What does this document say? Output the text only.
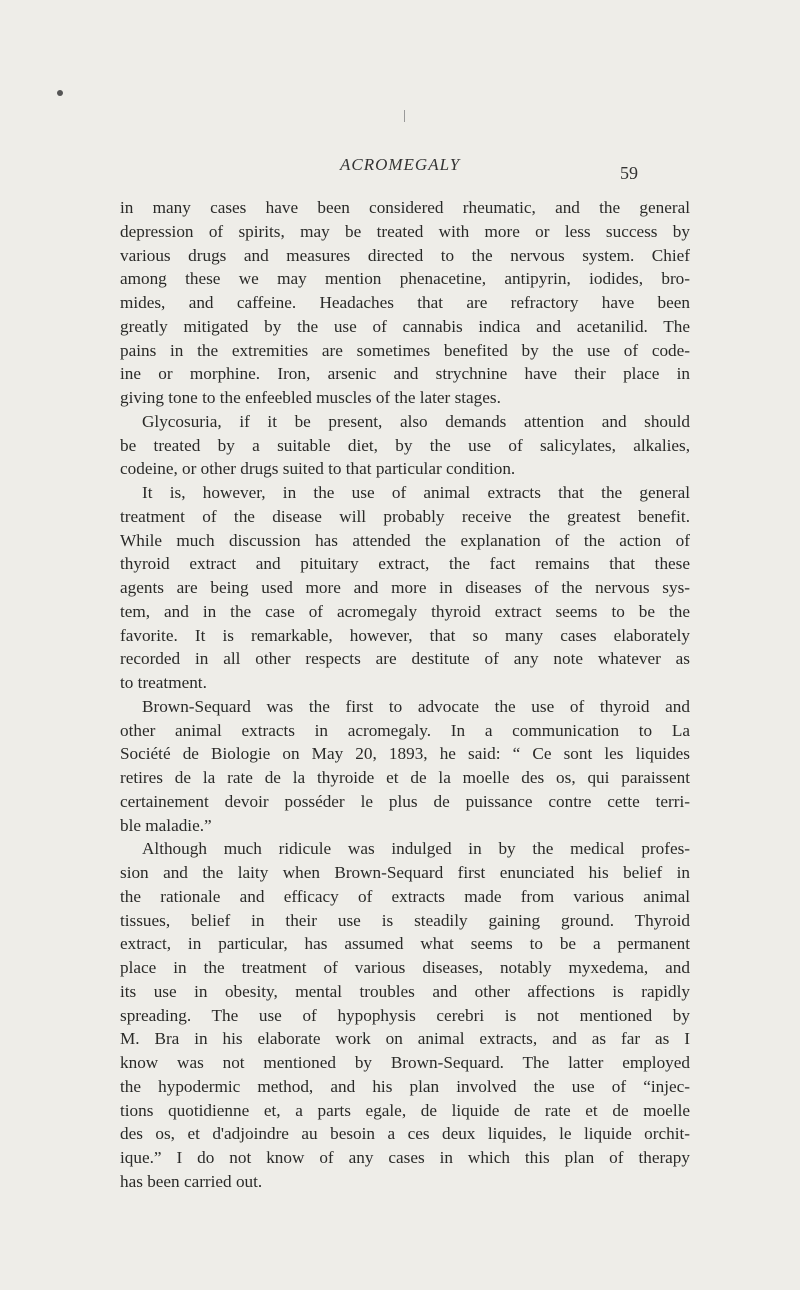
ACROMEGALY	59
in many cases have been considered rheumatic, and the general
depression of spirits, may be treated with more or less success by
various drugs and measures directed to the nervous system. Chief
among these we may mention phenacetine, antipyrin, iodides, bro-
mides, and caffeine. Headaches that are refractory have been
greatly mitigated by the use of cannabis indica and acetanilid. The
pains in the extremities are sometimes benefited by the use of code-
ine or morphine. Iron, arsenic and strychnine have their place in
giving tone to the enfeebled muscles of the later stages.
Glycosuria, if it be present, also demands attention and should
be treated by a suitable diet, by the use of salicylates, alkalies,
codeine, or other drugs suited to that particular condition.
It is, however, in the use of animal extracts that the general
treatment of the disease will probably receive the greatest benefit.
While much discussion has attended the explanation of the action of
thyroid extract and pituitary extract, the fact remains that these
agents are being used more and more in diseases of the nervous sys-
tem, and in the case of acromegaly thyroid extract seems to be the
favorite. It is remarkable, however, that so many cases elaborately
recorded in all other respects are destitute of any note whatever as
to treatment.
Brown-Sequard was the first to advocate the use of thyroid and
other animal extracts in acromegaly. In a communication to La
Société de Biologie on May 20, 1893, he said: “ Ce sont les liquides
retires de la rate de la thyroide et de la moelle des os, qui paraissent
certainement devoir posséder le plus de puissance contre cette terri-
ble maladie.”
Although much ridicule was indulged in by the medical profes-
sion and the laity when Brown-Sequard first enunciated his belief in
the rationale and efficacy of extracts made from various animal
tissues, belief in their use is steadily gaining ground. Thyroid
extract, in particular, has assumed what seems to be a permanent
place in the treatment of various diseases, notably myxedema, and
its use in obesity, mental troubles and other affections is rapidly
spreading. The use of hypophysis cerebri is not mentioned by
M. Bra in his elaborate work on animal extracts, and as far as I
know was not mentioned by Brown-Sequard. The latter employed
the hypodermic method, and his plan involved the use of “injec-
tions quotidienne et, a parts egale, de liquide de rate et de moelle
des os, et d'adjoindre au besoin a ces deux liquides, le liquide orchit-
ique.” I do not know of any cases in which this plan of therapy
has been carried out.
